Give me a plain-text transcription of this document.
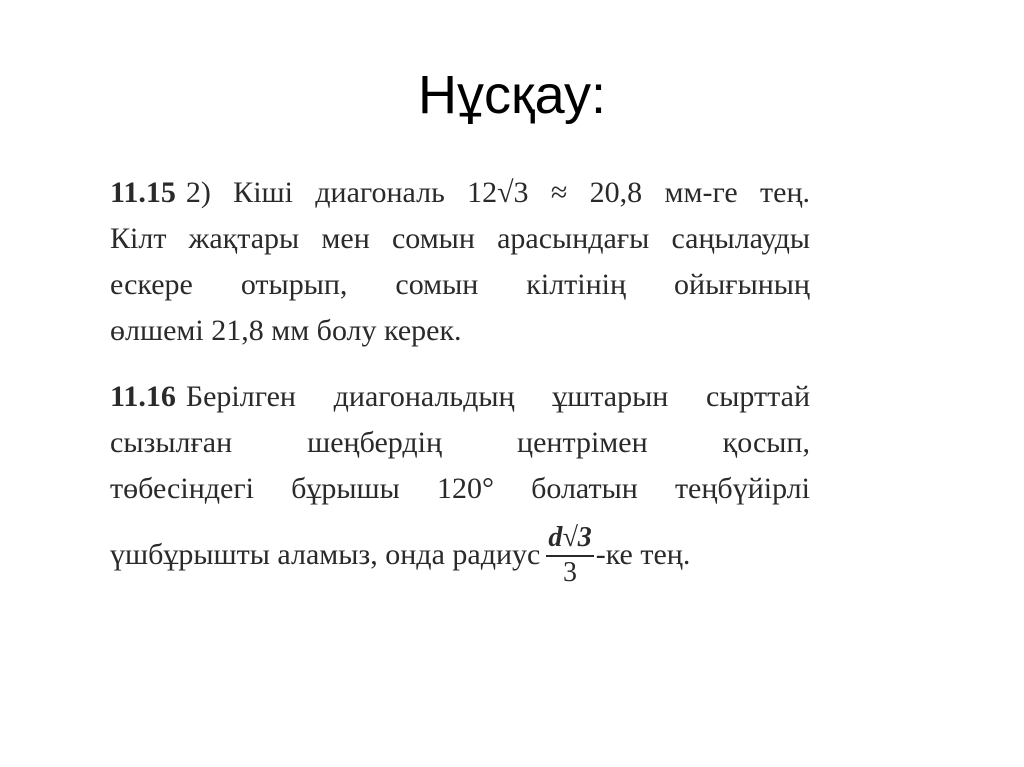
Нұсқау:
11.15 2) Кіші диагональ 12√3 ≈ 20,8 мм-ге тең.
Кілт жақтары мен сомын арасындағы саңылауды
ескере отырып, сомын кілтінің ойығының
өлшемі 21,8 мм болу керек.
11.16 Берілген диагональдың ұштарын сырттай
сызылған шеңбердің центрімен қосып,
төбесіндегі бұрышы 120° болатын теңбүйірлі
үшбұрышты аламыз, онда радиус $\frac{d√3}{3} -ке$ тең.
